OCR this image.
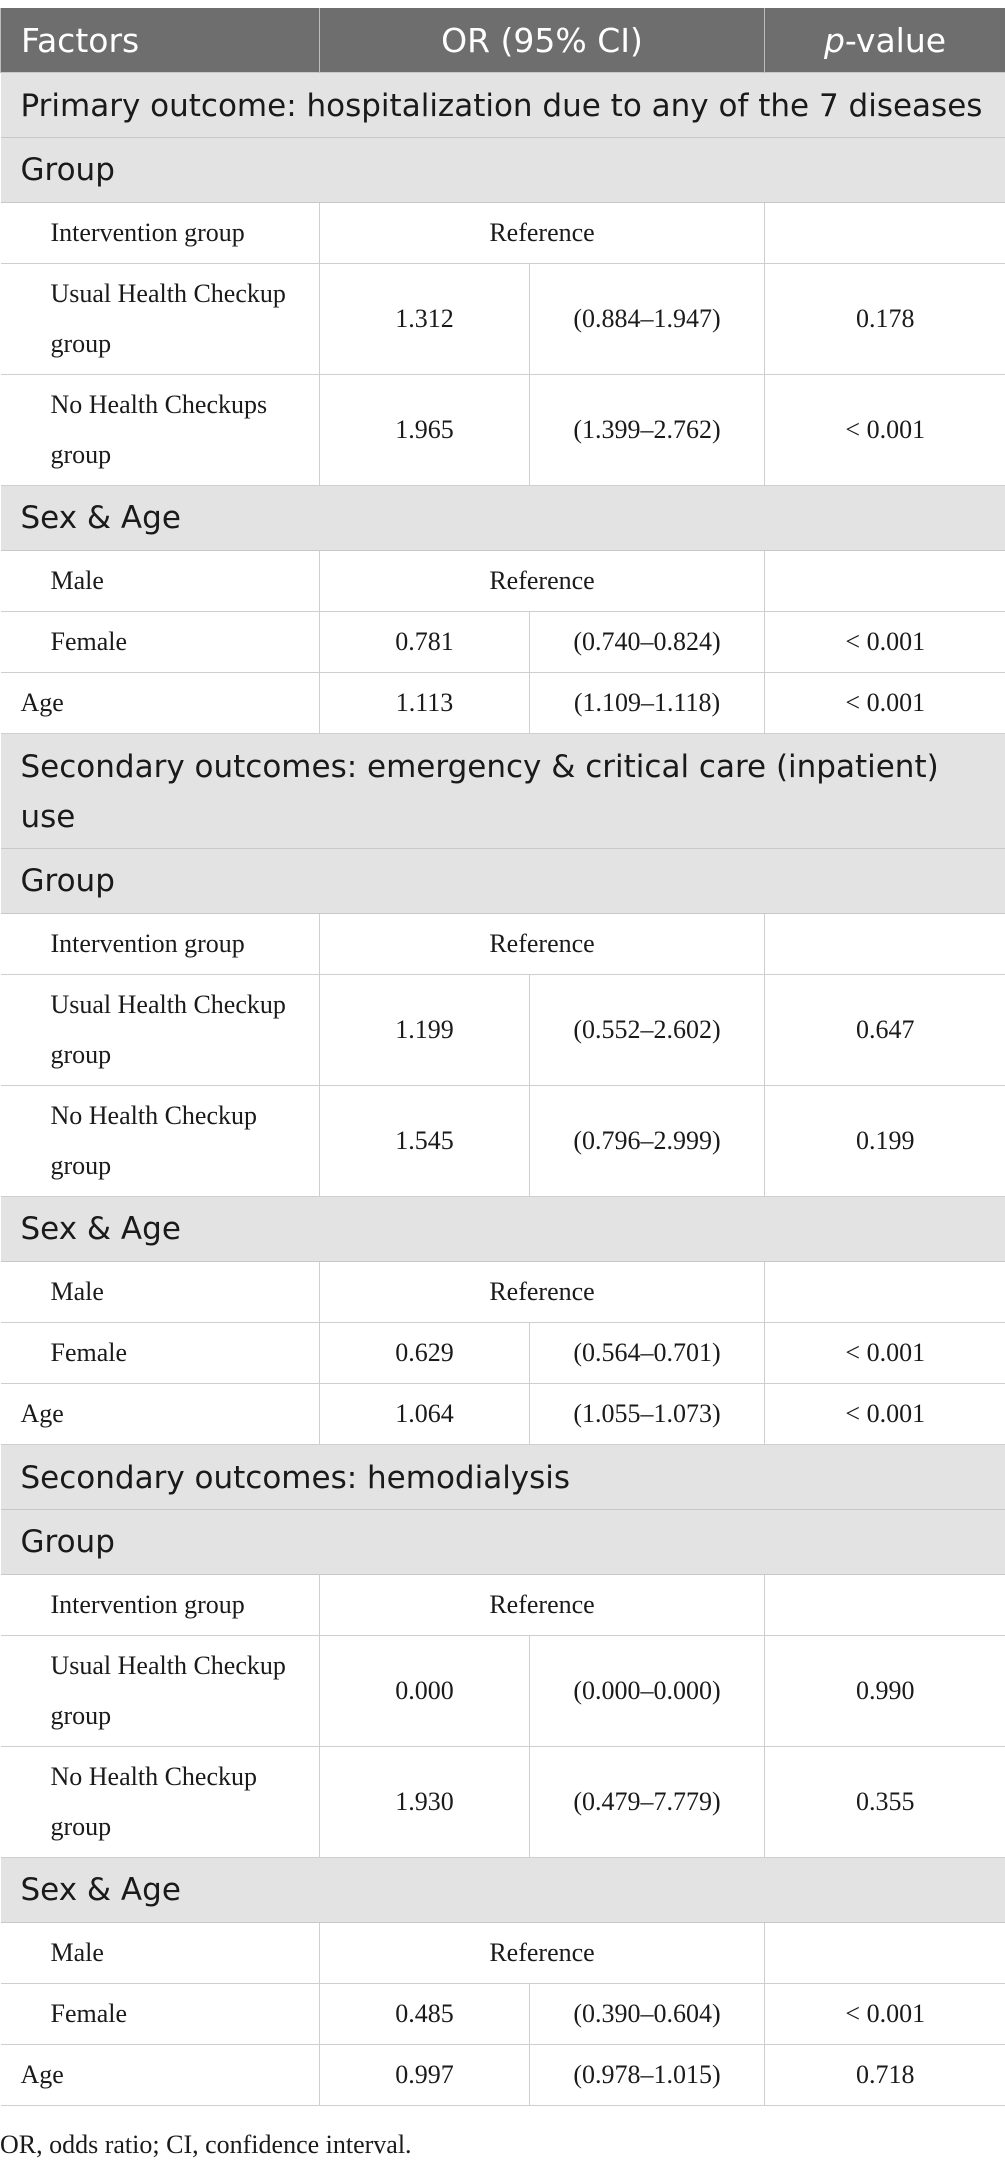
Factors	OR (95% CI)		p-value
Primary outcome: hospitalization due to any of the 7 diseases			
Group			
Intervention group	Reference		
Usual Health Checkup group	1.312	(0.884–1.947)	0.178
No Health Checkups group	1.965	(1.399–2.762)	< 0.001
Sex & Age			
Male	Reference		
Female	0.781	(0.740–0.824)	< 0.001
Age	1.113	(1.109–1.118)	< 0.001
Secondary outcomes: emergency & critical care (inpatient) use			
Group			
Intervention group	Reference		
Usual Health Checkup group	1.199	(0.552–2.602)	0.647
No Health Checkup group	1.545	(0.796–2.999)	0.199
Sex & Age			
Male	Reference		
Female	0.629	(0.564–0.701)	< 0.001
Age	1.064	(1.055–1.073)	< 0.001
Secondary outcomes: hemodialysis			
Group			
Intervention group	Reference		
Usual Health Checkup group	0.000	(0.000–0.000)	0.990
No Health Checkup group	1.930	(0.479–7.779)	0.355
Sex & Age			
Male	Reference		
Female	0.485	(0.390–0.604)	< 0.001
Age	0.997	(0.978–1.015)	0.718
OR, odds ratio; CI, confidence interval.
